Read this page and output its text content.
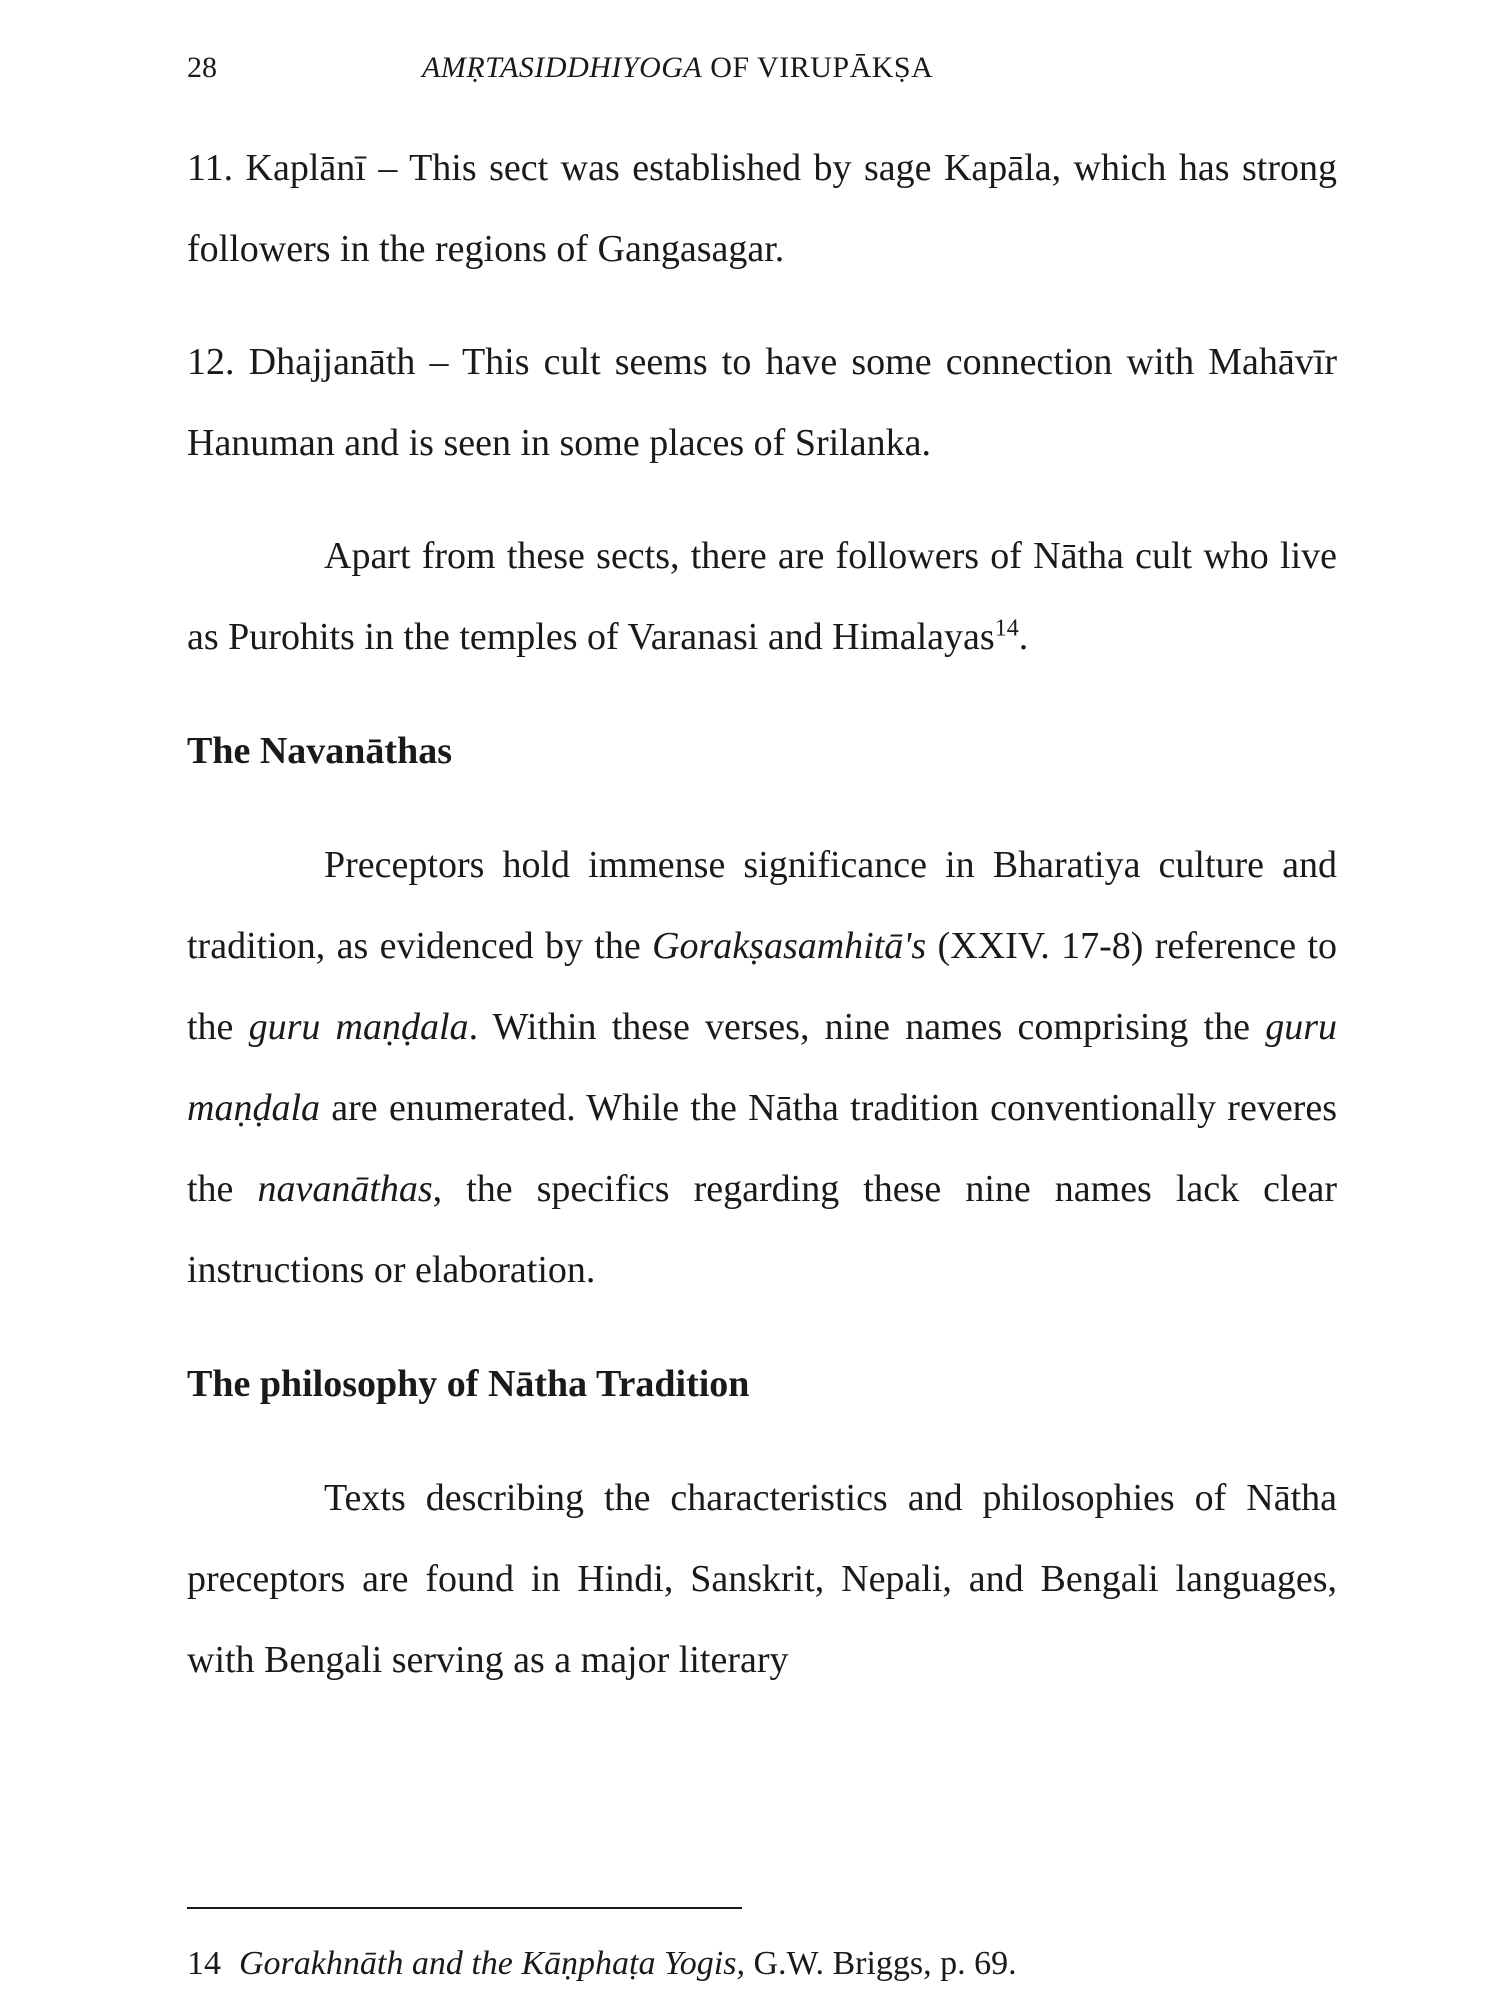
28	AMṚTASIDDHIYOGA OF VIRUPĀKṢA

11. Kaplānī – This sect was established by sage Kapāla, which has strong followers in the regions of Gangasagar.

12. Dhajjanāth – This cult seems to have some connection with Mahāvīr Hanuman and is seen in some places of Srilanka.

Apart from these sects, there are followers of Nātha cult who live as Purohits in the temples of Varanasi and Himalayas$^{14}$.

The Navanāthas

Preceptors hold immense significance in Bharatiya culture and tradition, as evidenced by the Gorakṣasamhitā's (XXIV. 17-8) reference to the guru maṇḍala. Within these verses, nine names comprising the guru maṇḍala are enumerated. While the Nātha tradition conventionally reveres the navanāthas, the specifics regarding these nine names lack clear instructions or elaboration.

The philosophy of Nātha Tradition

Texts describing the characteristics and philosophies of Nātha preceptors are found in Hindi, Sanskrit, Nepali, and Bengali languages, with Bengali serving as a major literary

14 Gorakhnāth and the Kāṇphaṭa Yogis, G.W. Briggs, p. 69.
